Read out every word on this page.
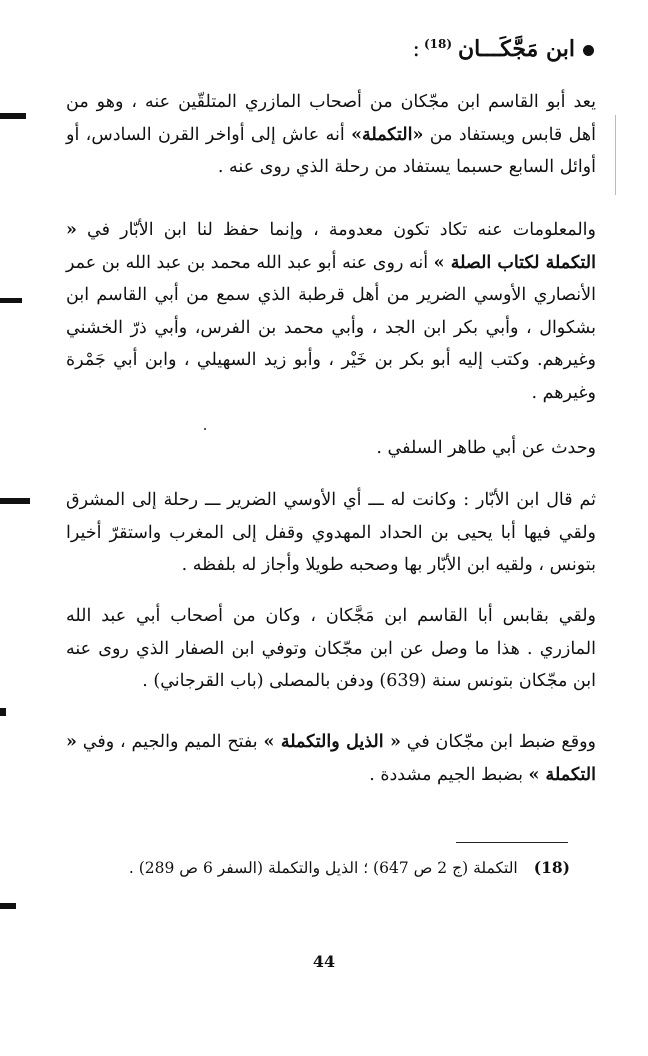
ابن مَجَّكَـــان$^{(18)}$:
يعد أبو القاسم ابن مجّكان من أصحاب المازري المتلقّين عنه ، وهو من أهل قابس ويستفاد من «التكملة» أنه عاش إلى أواخر القرن السادس، أو أوائل السابع حسبما يستفاد من رحلة الذي روى عنه .
والمعلومات عنه تكاد تكون معدومة ، وإنما حفظ لنا ابن الأبّار في « التكملة لكتاب الصلة » أنه روى عنه أبو عبد الله محمد بن عبد الله بن عمر الأنصاري الأوسي الضرير من أهل قرطبة الذي سمع من أبي القاسم ابن بشكوال ، وأبي بكر ابن الجد ، وأبي محمد بن الفرس، وأبي ذرّ الخشني وغيرهم. وكتب إليه أبو بكر بن خَيْر ، وأبو زيد السهيلي ، وابن أبي جَمْرة وغيرهم .
وحدث عن أبي طاهر السلفي .
ثم قال ابن الأبّار : وكانت له ـــ أي الأوسي الضرير ـــ رحلة إلى المشرق ولقي فيها أبا يحيى بن الحداد المهدوي وقفل إلى المغرب واستقرّ أخيرا بتونس ، ولقيه ابن الأبّار بها وصحبه طويلا وأجاز له بلفظه .
ولقي بقابس أبا القاسم ابن مَجَّكان ، وكان من أصحاب أبي عبد الله المازري . هذا ما وصل عن ابن مجّكان وتوفي ابن الصفار الذي روى عنه ابن مجّكان بتونس سنة (639) ودفن بالمصلى (باب القرجاني) .
ووقع ضبط ابن مجّكان في « الذيل والتكملة » بفتح الميم والجيم ، وفي « التكملة » بضبط الجيم مشددة .
(18)التكملة (ج 2 ص 647) ؛ الذيل والتكملة (السفر 6 ص 289) .
44
